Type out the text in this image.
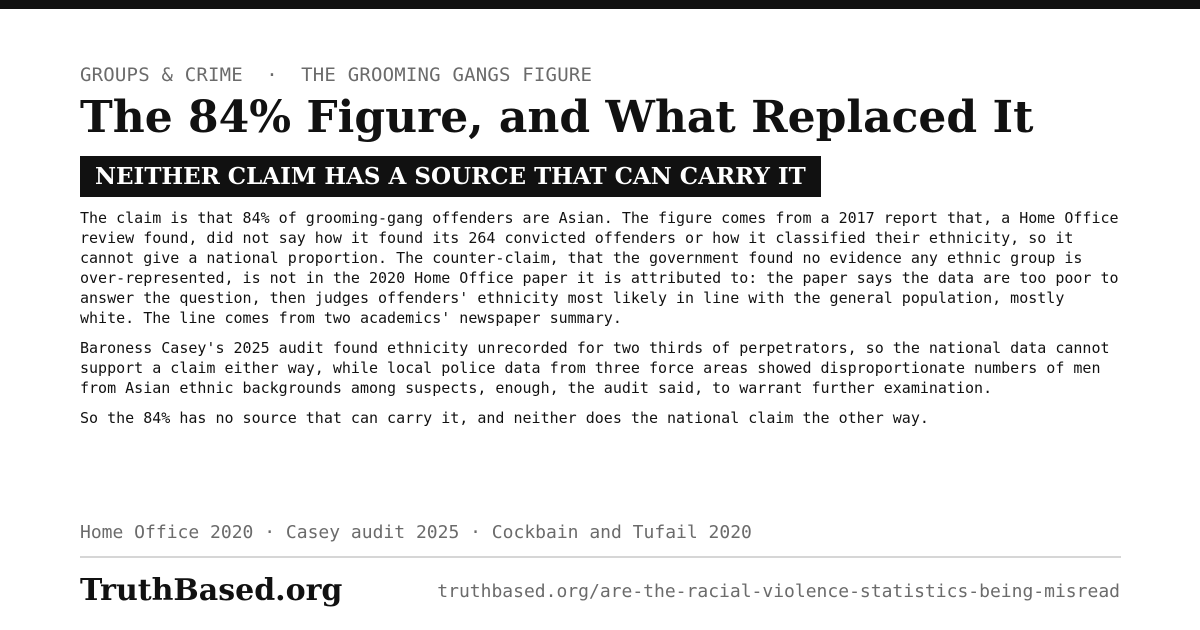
GROUPS & CRIME  ·  THE GROOMING GANGS FIGURE
The 84% Figure, and What Replaced It
NEITHER CLAIM HAS A SOURCE THAT CAN CARRY IT

The claim is that 84% of grooming-gang offenders are Asian. The figure comes from a 2017 report that, a Home Office review found, did not say how it found its 264 convicted offenders or how it classified their ethnicity, so it cannot give a national proportion. The counter-claim, that the government found no evidence any ethnic group is over-represented, is not in the 2020 Home Office paper it is attributed to: the paper says the data are too poor to answer the question, then judges offenders' ethnicity most likely in line with the general population, mostly white. The line comes from two academics' newspaper summary.

Baroness Casey's 2025 audit found ethnicity unrecorded for two thirds of perpetrators, so the national data cannot support a claim either way, while local police data from three force areas showed disproportionate numbers of men from Asian ethnic backgrounds among suspects, enough, the audit said, to warrant further examination.

So the 84% has no source that can carry it, and neither does the national claim the other way.

Home Office 2020 · Casey audit 2025 · Cockbain and Tufail 2020
TruthBased.org	truthbased.org/are-the-racial-violence-statistics-being-misread
